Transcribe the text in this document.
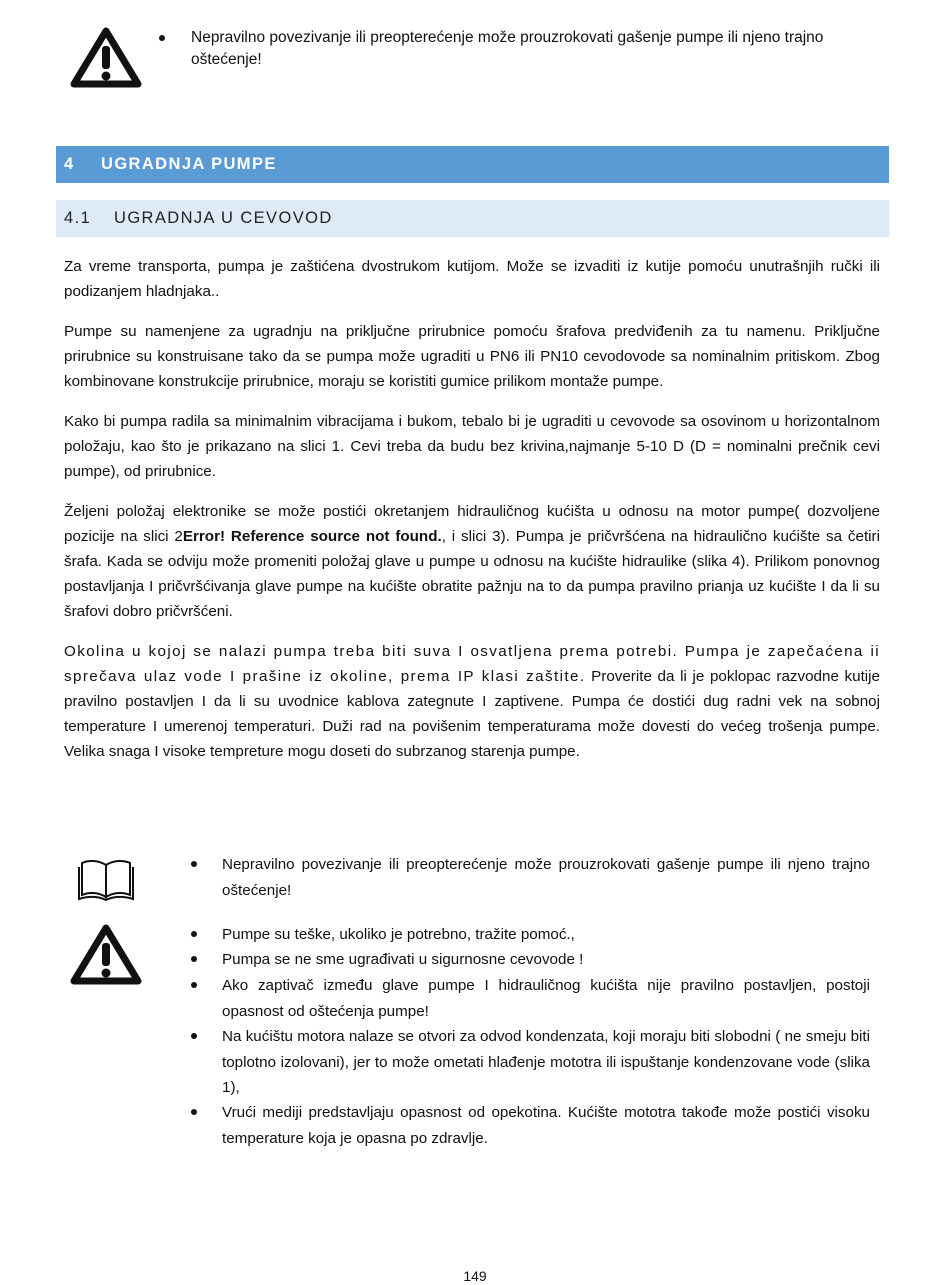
Nepravilno povezivanje ili preopterećenje može prouzrokovati gašenje pumpe ili njeno trajno oštećenje!
4	UGRADNJA PUMPE
4.1	UGRADNJA U CEVOVOD

Za vreme transporta, pumpa je zaštićena dvostrukom kutijom. Može se izvaditi iz kutije pomoću unutrašnjih ručki ili podizanjem hladnjaka..

Pumpe su namenjene za ugradnju na priključne prirubnice pomoću šrafova predviđenih za tu namenu. Priključne prirubnice su konstruisane tako da se pumpa može ugraditi u PN6 ili PN10 cevodovode sa nominalnim pritiskom. Zbog kombinovane konstrukcije prirubnice, moraju se koristiti gumice prilikom montaže pumpe.

Kako bi pumpa radila sa minimalnim vibracijama i bukom, tebalo bi je ugraditi u cevovode sa osovinom u horizontalnom položaju, kao što je prikazano na slici 1. Cevi treba da budu bez krivina,najmanje 5-10 D (D = nominalni prečnik cevi pumpe), od prirubnice.

Željeni položaj elektronike se može postići okretanjem hidrauličnog kućišta u odnosu na motor pumpe( dozvoljene pozicije na slici 2Error! Reference source not found., i slici 3). Pumpa je pričvršćena na hidraulično kućište sa četiri šrafa. Kada se odviju može promeniti položaj glave u pumpe u odnosu na kućište hidraulike (slika 4). Prilikom ponovnog postavljanja I pričvršćivanja glave pumpe na kućište obratite pažnju na to da pumpa pravilno prianja uz kućište I da li su šrafovi dobro pričvršćeni.

Okolina u kojoj se nalazi pumpa treba biti suva I osvatljena prema potrebi. Pumpa je zapečaćena ii sprečava ulaz vode I prašine iz okoline, prema IP klasi zaštite. Proverite da li je poklopac razvodne kutije pravilno postavljen I da li su uvodnice kablova zategnute I zaptivene. Pumpa će dostići dug radni vek na sobnoj temperature I umerenoj temperaturi. Duži rad na povišenim temperaturama može dovesti do većeg trošenja pumpe. Velika snaga I visoke tempreture mogu doseti do subrzanog starenja pumpe.

Nepravilno povezivanje ili preopterećenje može prouzrokovati gašenje pumpe ili njeno trajno oštećenje!
Pumpe su teške, ukoliko je potrebno, tražite pomoć.,
Pumpa se ne sme ugrađivati u sigurnosne cevovode !
Ako zaptivač između glave pumpe I hidrauličnog kućišta nije pravilno postavljen, postoji opasnost od oštećenja pumpe!
Na kućištu motora nalaze se otvori za odvod kondenzata, koji moraju biti slobodni ( ne smeju biti toplotno izolovani), jer to može ometati hlađenje mototra ili ispuštanje kondenzovane vode (slika 1),
Vrući mediji predstavljaju opasnost od opekotina. Kućište mototra takođe može postići visoku temperature koja je opasna po zdravlje.
149
